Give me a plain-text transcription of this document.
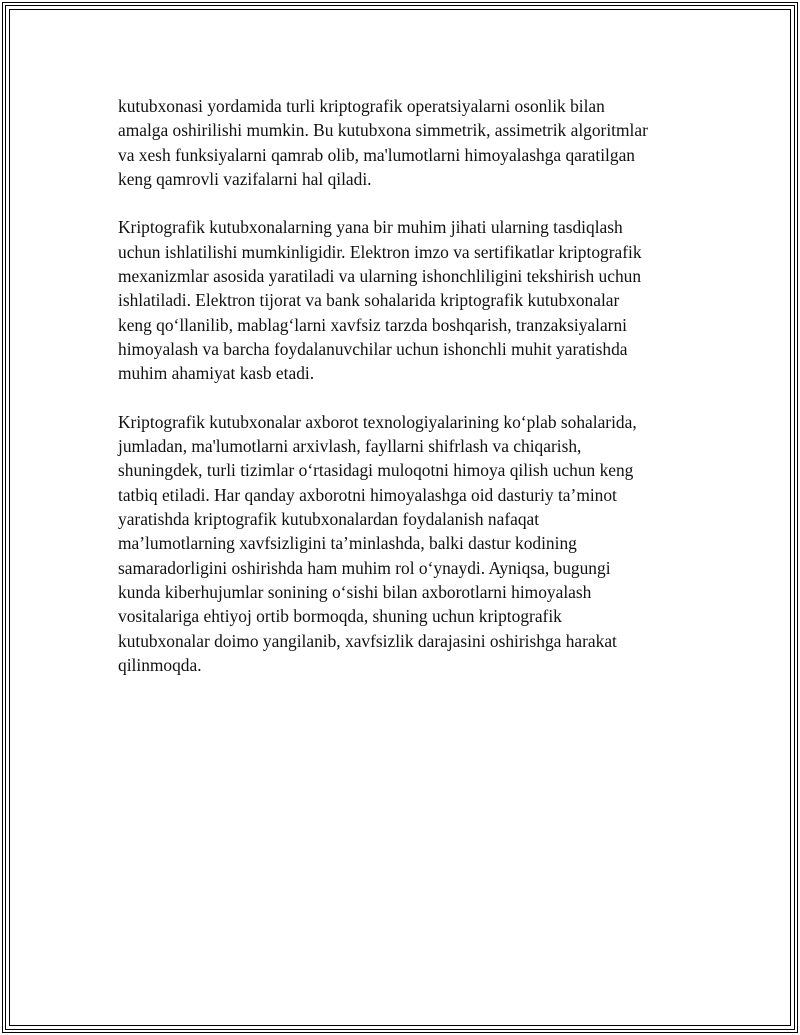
kutubxonasi yordamida turli kriptografik operatsiyalarni osonlik bilan
amalga oshirilishi mumkin. Bu kutubxona simmetrik, assimetrik algoritmlar
va xesh funksiyalarni qamrab olib, ma'lumotlarni himoyalashga qaratilgan
keng qamrovli vazifalarni hal qiladi.

Kriptografik kutubxonalarning yana bir muhim jihati ularning tasdiqlash
uchun ishlatilishi mumkinligidir. Elektron imzo va sertifikatlar kriptografik
mexanizmlar asosida yaratiladi va ularning ishonchliligini tekshirish uchun
ishlatiladi. Elektron tijorat va bank sohalarida kriptografik kutubxonalar
keng qo‘llanilib, mablag‘larni xavfsiz tarzda boshqarish, tranzaksiyalarni
himoyalash va barcha foydalanuvchilar uchun ishonchli muhit yaratishda
muhim ahamiyat kasb etadi.

Kriptografik kutubxonalar axborot texnologiyalarining ko‘plab sohalarida,
jumladan, ma'lumotlarni arxivlash, fayllarni shifrlash va chiqarish,
shuningdek, turli tizimlar o‘rtasidagi muloqotni himoya qilish uchun keng
tatbiq etiladi. Har qanday axborotni himoyalashga oid dasturiy ta’minot
yaratishda kriptografik kutubxonalardan foydalanish nafaqat
ma’lumotlarning xavfsizligini ta’minlashda, balki dastur kodining
samaradorligini oshirishda ham muhim rol o‘ynaydi. Ayniqsa, bugungi
kunda kiberhujumlar sonining o‘sishi bilan axborotlarni himoyalash
vositalariga ehtiyoj ortib bormoqda, shuning uchun kriptografik
kutubxonalar doimo yangilanib, xavfsizlik darajasini oshirishga harakat
qilinmoqda.
